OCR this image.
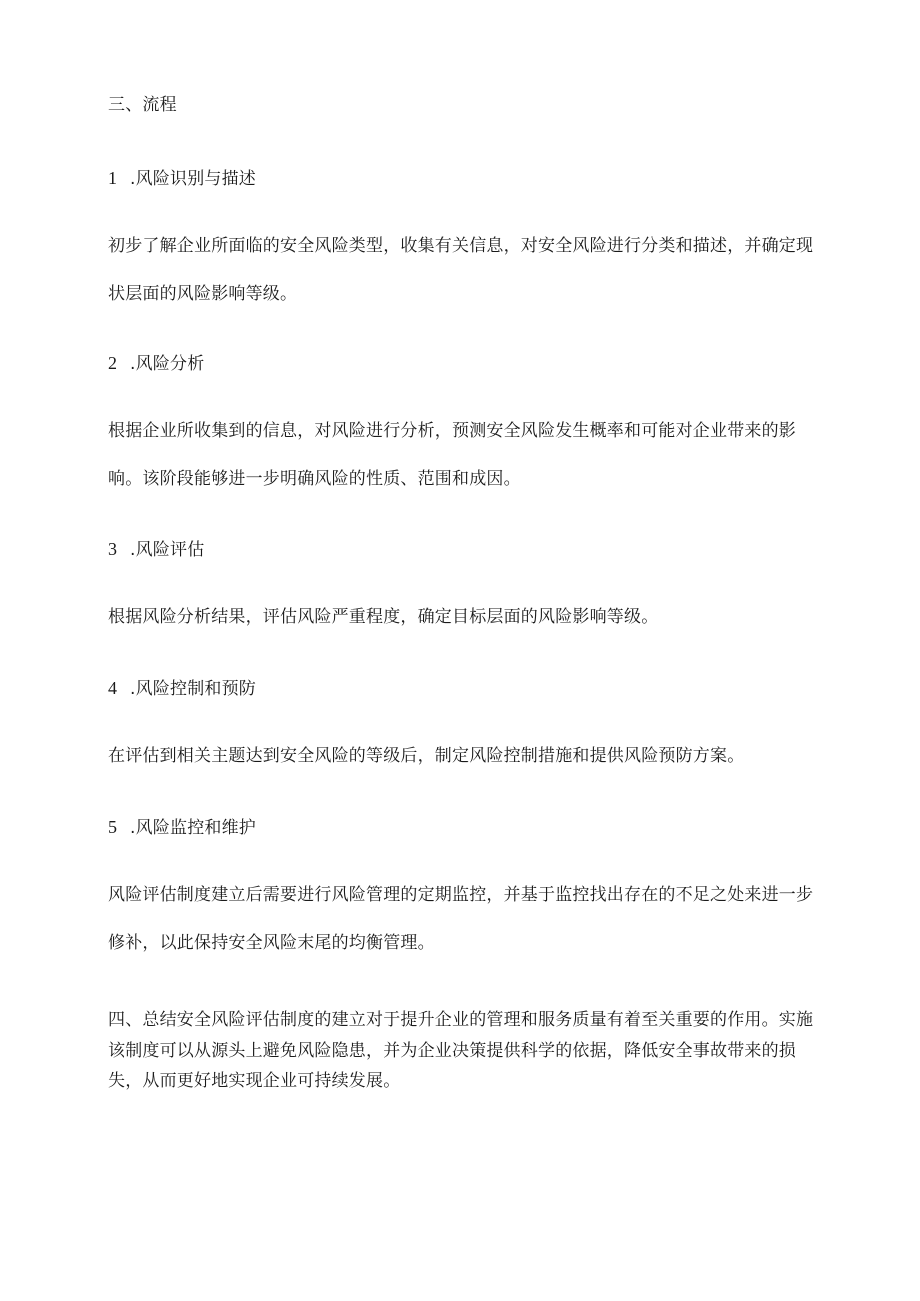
三、流程
1 .风险识别与描述
初步了解企业所面临的安全风险类型，收集有关信息，对安全风险进行分类和描述，并确定现
状层面的风险影响等级。
2 .风险分析
根据企业所收集到的信息，对风险进行分析，预测安全风险发生概率和可能对企业带来的影
响。该阶段能够进一步明确风险的性质、范围和成因。
3 .风险评估
根据风险分析结果，评估风险严重程度，确定目标层面的风险影响等级。
4 .风险控制和预防
在评估到相关主题达到安全风险的等级后，制定风险控制措施和提供风险预防方案。
5 .风险监控和维护
风险评估制度建立后需要进行风险管理的定期监控，并基于监控找出存在的不足之处来进一步
修补，以此保持安全风险末尾的均衡管理。
四、总结安全风险评估制度的建立对于提升企业的管理和服务质量有着至关重要的作用。实施
该制度可以从源头上避免风险隐患，并为企业决策提供科学的依据，降低安全事故带来的损
失，从而更好地实现企业可持续发展。
